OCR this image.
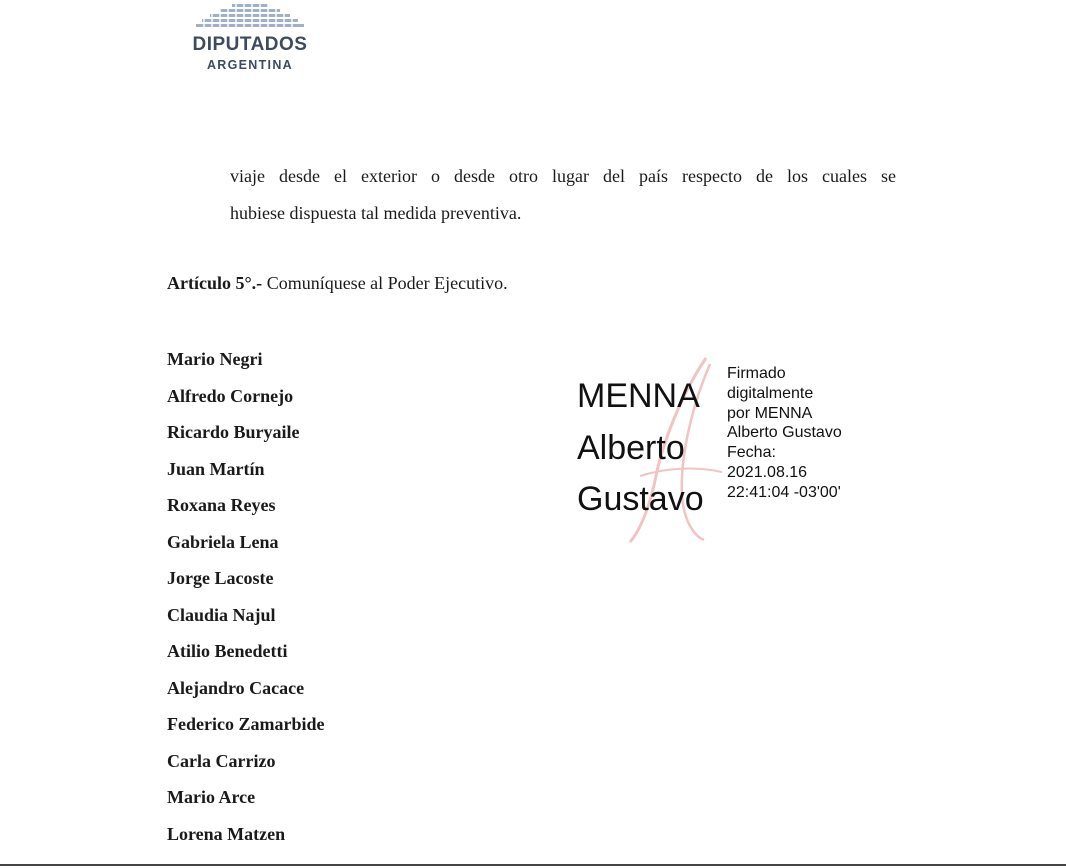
DIPUTADOS
ARGENTINA
viaje desde el exterior o desde otro lugar del país respecto de los cuales se
hubiese dispuesta tal medida preventiva.
Artículo 5°.- Comuníquese al Poder Ejecutivo.
Mario Negri
Alfredo Cornejo
Ricardo Buryaile
Juan Martín
Roxana Reyes
Gabriela Lena
Jorge Lacoste
Claudia Najul
Atilio Benedetti
Alejandro Cacace
Federico Zamarbide
Carla Carrizo
Mario Arce
Lorena Matzen
MENNA
Alberto
Gustavo
Firmado
digitalmente
por MENNA
Alberto Gustavo
Fecha:
2021.08.16
22:41:04 -03'00'
